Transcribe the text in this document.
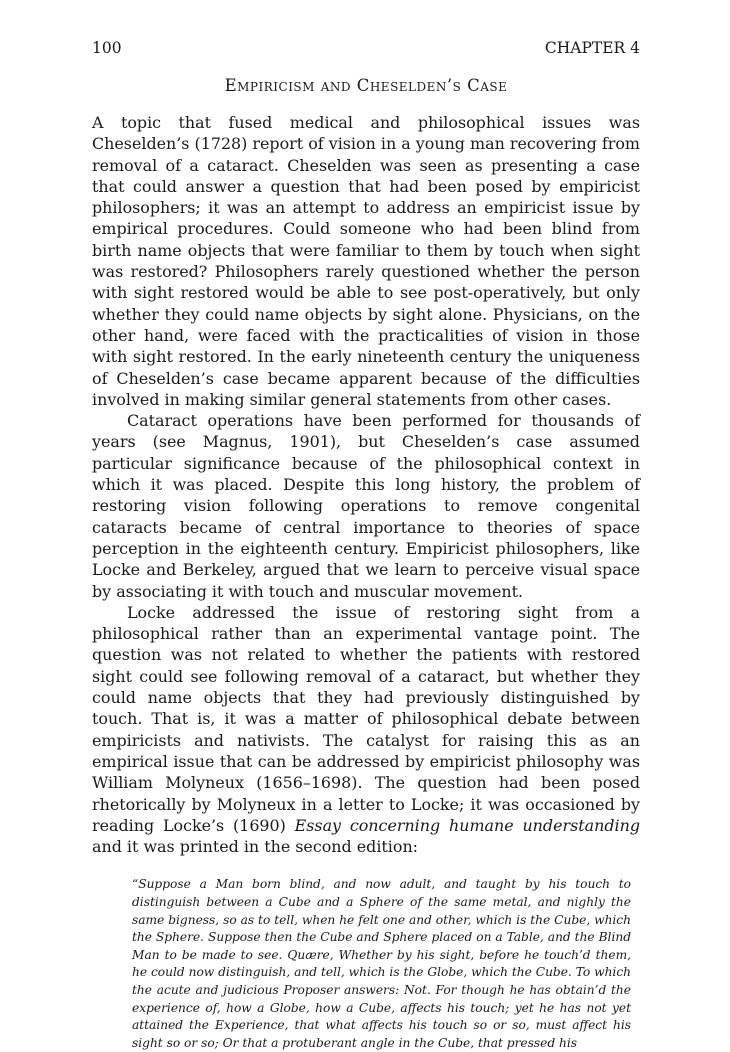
100	CHAPTER 4
Empiricism and Cheselden’s Case

A topic that fused medical and philosophical issues was Cheselden’s (1728) report of vision in a young man recovering from removal of a cataract. Cheselden was seen as presenting a case that could answer a question that had been posed by empiricist philosophers; it was an attempt to address an empiricist issue by empirical procedures. Could someone who had been blind from birth name objects that were familiar to them by touch when sight was restored? Philosophers rarely questioned whether the person with sight restored would be able to see post-operatively, but only whether they could name objects by sight alone. Physicians, on the other hand, were faced with the practicalities of vision in those with sight restored. In the early nineteenth century the uniqueness of Cheselden’s case became apparent because of the difficulties involved in making similar general statements from other cases.

Cataract operations have been performed for thousands of years (see Magnus, 1901), but Cheselden’s case assumed particular significance because of the philosophical context in which it was placed. Despite this long history, the problem of restoring vision following operations to remove congenital cataracts became of central importance to theories of space perception in the eighteenth century. Empiricist philosophers, like Locke and Berkeley, argued that we learn to perceive visual space by associating it with touch and muscular movement.

Locke addressed the issue of restoring sight from a philosophical rather than an experimental vantage point. The question was not related to whether the patients with restored sight could see following removal of a cataract, but whether they could name objects that they had previously distinguished by touch. That is, it was a matter of philosophical debate between empiricists and nativists. The catalyst for raising this as an empirical issue that can be addressed by empiricist philosophy was William Molyneux (1656–1698). The question had been posed rhetorically by Molyneux in a letter to Locke; it was occasioned by reading Locke’s (1690) Essay concerning humane understanding and it was printed in the second edition:

“Suppose a Man born blind, and now adult, and taught by his touch to distinguish between a Cube and a Sphere of the same metal, and nighly the same bigness, so as to tell, when he felt one and other, which is the Cube, which the Sphere. Suppose then the Cube and Sphere placed on a Table, and the Blind Man to be made to see. Quære, Whether by his sight, before he touch’d them, he could now distinguish, and tell, which is the Globe, which the Cube. To which the acute and judicious Proposer answers: Not. For though he has obtain’d the experience of, how a Globe, how a Cube, affects his touch; yet he has not yet attained the Experience, that what affects his touch so or so, must affect his sight so or so; Or that a protuberant angle in the Cube, that pressed his
